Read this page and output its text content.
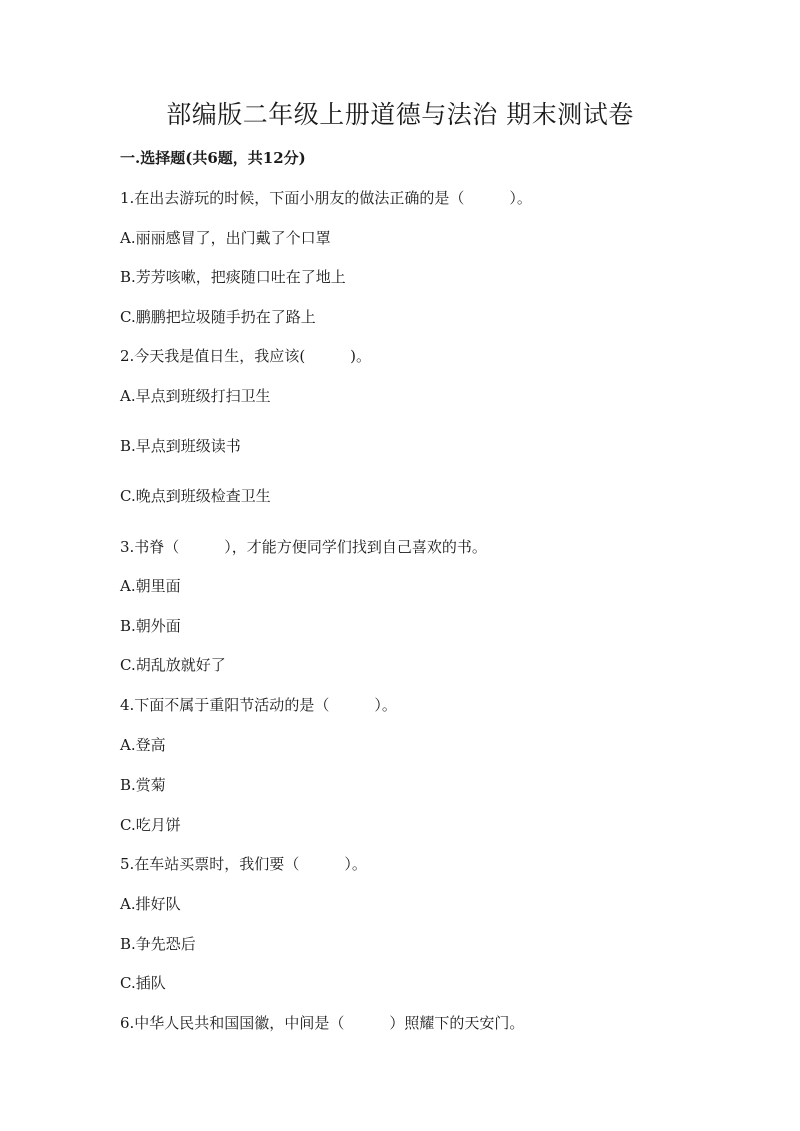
部编版二年级上册道德与法治 期末测试卷
一.选择题(共6题，共12分)
1.在出去游玩的时候，下面小朋友的做法正确的是（　　　）。
A.丽丽感冒了，出门戴了个口罩
B.芳芳咳嗽，把痰随口吐在了地上
C.鹏鹏把垃圾随手扔在了路上
2.今天我是值日生，我应该(　　　)。
A.早点到班级打扫卫生
B.早点到班级读书
C.晚点到班级检查卫生
3.书脊（　　　），才能方便同学们找到自己喜欢的书。
A.朝里面
B.朝外面
C.胡乱放就好了
4.下面不属于重阳节活动的是（　　　）。
A.登高
B.赏菊
C.吃月饼
5.在车站买票时，我们要（　　　）。
A.排好队
B.争先恐后
C.插队
6.中华人民共和国国徽，中间是（　　　）照耀下的天安门。
